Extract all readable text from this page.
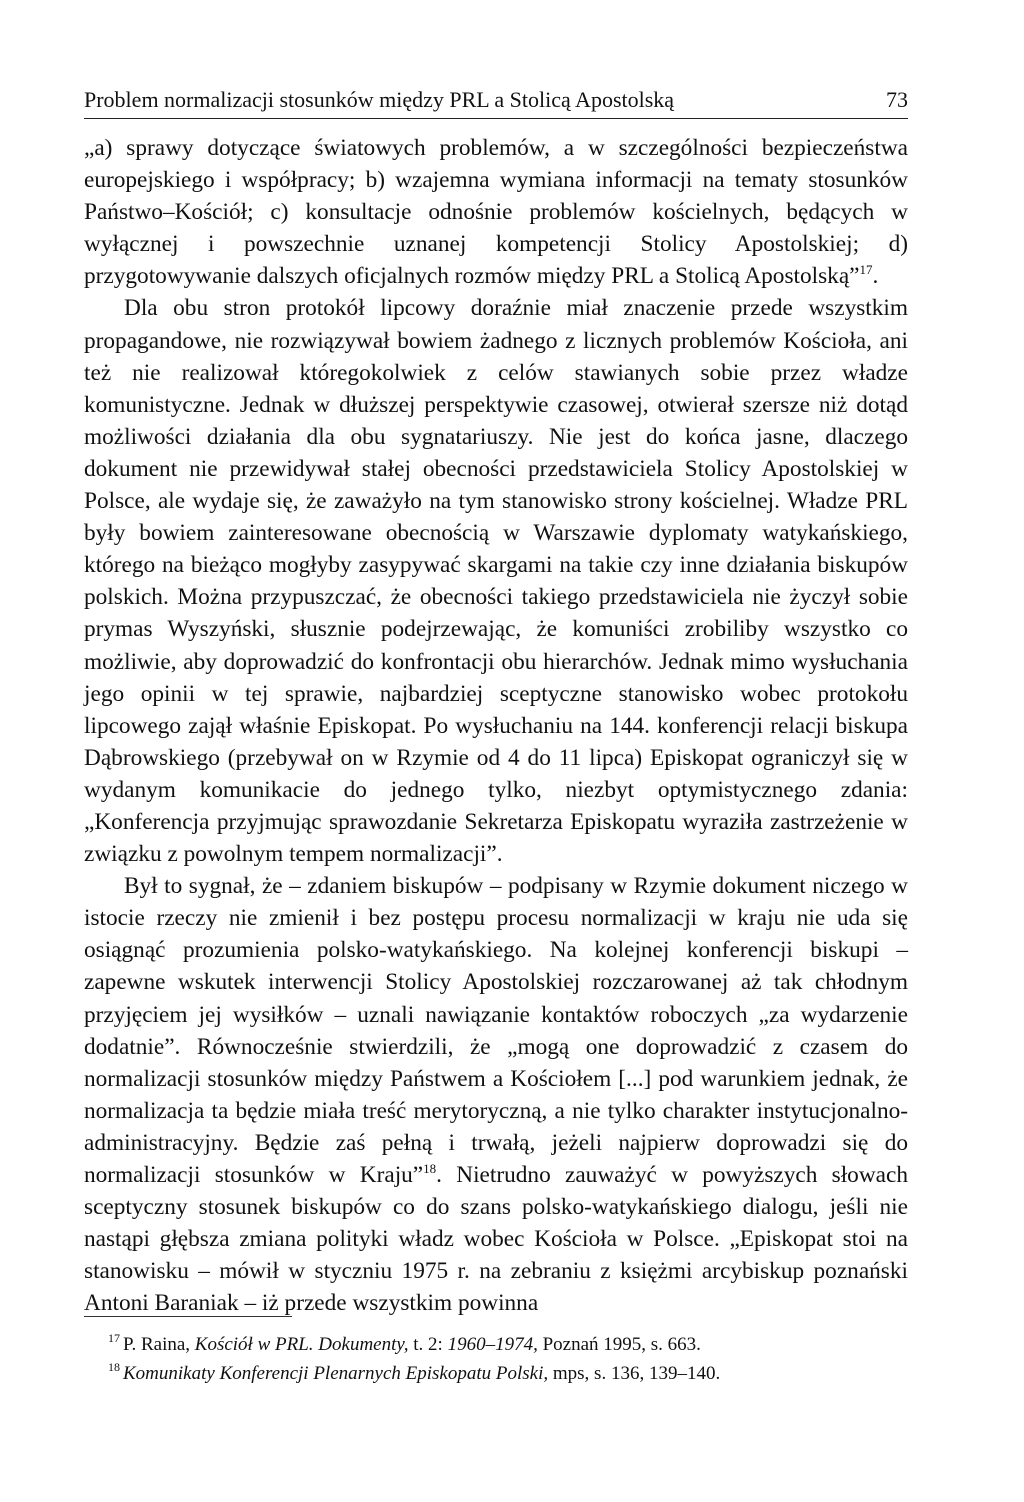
Problem normalizacji stosunków między PRL a Stolicą Apostolską	73

„a) sprawy dotyczące światowych problemów, a w szczególności bezpieczeństwa europejskiego i współpracy; b) wzajemna wymiana informacji na tematy stosunków Państwo–Kościół; c) konsultacje odnośnie problemów kościelnych, będących w wyłącznej i powszechnie uznanej kompetencji Stolicy Apostolskiej; d) przygotowywanie dalszych oficjalnych rozmów między PRL a Stolicą Apostolską”$^{17}$.

Dla obu stron protokół lipcowy doraźnie miał znaczenie przede wszystkim propagandowe, nie rozwiązywał bowiem żadnego z licznych problemów Kościoła, ani też nie realizował któregokolwiek z celów stawianych sobie przez władze komunistyczne. Jednak w dłuższej perspektywie czasowej, otwierał szersze niż dotąd możliwości działania dla obu sygnatariuszy. Nie jest do końca jasne, dlaczego dokument nie przewidywał stałej obecności przedstawiciela Stolicy Apostolskiej w Polsce, ale wydaje się, że zaważyło na tym stanowisko strony kościelnej. Władze PRL były bowiem zainteresowane obecnością w Warszawie dyplomaty watykańskiego, którego na bieżąco mogłyby zasypywać skargami na takie czy inne działania biskupów polskich. Można przypuszczać, że obecności takiego przedstawiciela nie życzył sobie prymas Wyszyński, słusznie podejrzewając, że komuniści zrobiliby wszystko co możliwie, aby doprowadzić do konfrontacji obu hierarchów. Jednak mimo wysłuchania jego opinii w tej sprawie, najbardziej sceptyczne stanowisko wobec protokołu lipcowego zajął właśnie Episkopat. Po wysłuchaniu na 144. konferencji relacji biskupa Dąbrowskiego (przebywał on w Rzymie od 4 do 11 lipca) Episkopat ograniczył się w wydanym komunikacie do jednego tylko, niezbyt optymistycznego zdania: „Konferencja przyjmując sprawozdanie Sekretarza Episkopatu wyraziła zastrzeżenie w związku z powolnym tempem normalizacji”.

Był to sygnał, że – zdaniem biskupów – podpisany w Rzymie dokument niczego w istocie rzeczy nie zmienił i bez postępu procesu normalizacji w kraju nie uda się osiągnąć prozumienia polsko-watykańskiego. Na kolejnej konferencji biskupi – zapewne wskutek interwencji Stolicy Apostolskiej rozczarowanej aż tak chłodnym przyjęciem jej wysiłków – uznali nawiązanie kontaktów roboczych „za wydarzenie dodatnie”. Równocześnie stwierdzili, że „mogą one doprowadzić z czasem do normalizacji stosunków między Państwem a Kościołem [...] pod warunkiem jednak, że normalizacja ta będzie miała treść merytoryczną, a nie tylko charakter instytucjonalno-administracyjny. Będzie zaś pełną i trwałą, jeżeli najpierw doprowadzi się do normalizacji stosunków w Kraju”$^{18}$. Nietrudno zauważyć w powyższych słowach sceptyczny stosunek biskupów co do szans polsko-watykańskiego dialogu, jeśli nie nastąpi głębsza zmiana polityki władz wobec Kościoła w Polsce. „Episkopat stoi na stanowisku – mówił w styczniu 1975 r. na zebraniu z księżmi arcybiskup poznański Antoni Baraniak – iż przede wszystkim powinna

$^{17}$ P. Raina, Kościół w PRL. Dokumenty, t. 2: 1960–1974, Poznań 1995, s. 663.
$^{18}$ Komunikaty Konferencji Plenarnych Episkopatu Polski, mps, s. 136, 139–140.
